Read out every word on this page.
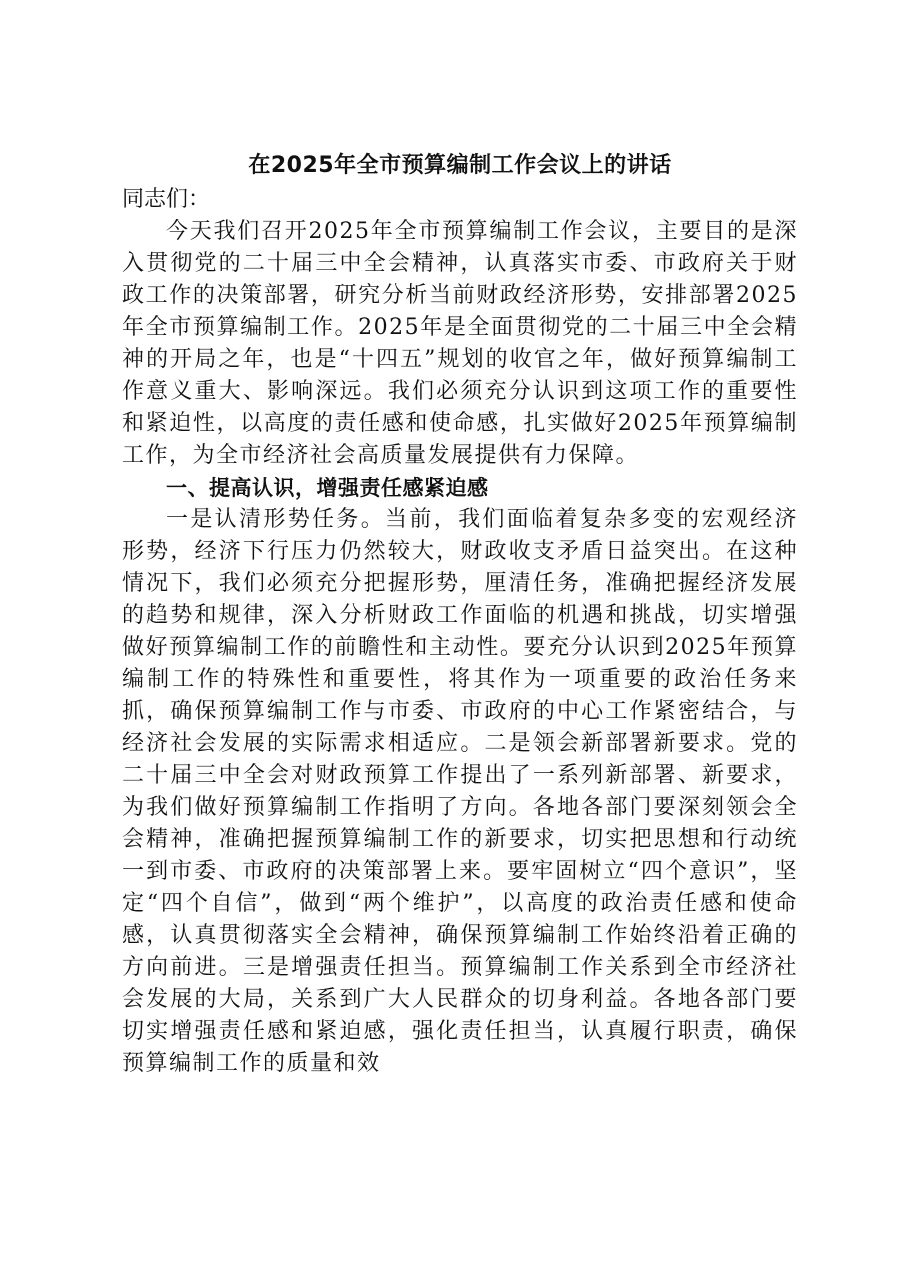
在2025年全市预算编制工作会议上的讲话
同志们：

今天我们召开2025年全市预算编制工作会议，主要目的是深入贯彻党的二十届三中全会精神，认真落实市委、市政府关于财政工作的决策部署，研究分析当前财政经济形势，安排部署2025年全市预算编制工作。2025年是全面贯彻党的二十届三中全会精神的开局之年，也是“十四五”规划的收官之年，做好预算编制工作意义重大、影响深远。我们必须充分认识到这项工作的重要性和紧迫性，以高度的责任感和使命感，扎实做好2025年预算编制工作，为全市经济社会高质量发展提供有力保障。

一、提高认识，增强责任感紧迫感

一是认清形势任务。当前，我们面临着复杂多变的宏观经济形势，经济下行压力仍然较大，财政收支矛盾日益突出。在这种情况下，我们必须充分把握形势，厘清任务，准确把握经济发展的趋势和规律，深入分析财政工作面临的机遇和挑战，切实增强做好预算编制工作的前瞻性和主动性。要充分认识到2025年预算编制工作的特殊性和重要性，将其作为一项重要的政治任务来抓，确保预算编制工作与市委、市政府的中心工作紧密结合，与经济社会发展的实际需求相适应。二是领会新部署新要求。党的二十届三中全会对财政预算工作提出了一系列新部署、新要求，为我们做好预算编制工作指明了方向。各地各部门要深刻领会全会精神，准确把握预算编制工作的新要求，切实把思想和行动统一到市委、市政府的决策部署上来。要牢固树立“四个意识”，坚定“四个自信”，做到“两个维护”，以高度的政治责任感和使命感，认真贯彻落实全会精神，确保预算编制工作始终沿着正确的方向前进。三是增强责任担当。预算编制工作关系到全市经济社会发展的大局，关系到广大人民群众的切身利益。各地各部门要切实增强责任感和紧迫感，强化责任担当，认真履行职责，确保预算编制工作的质量和效
